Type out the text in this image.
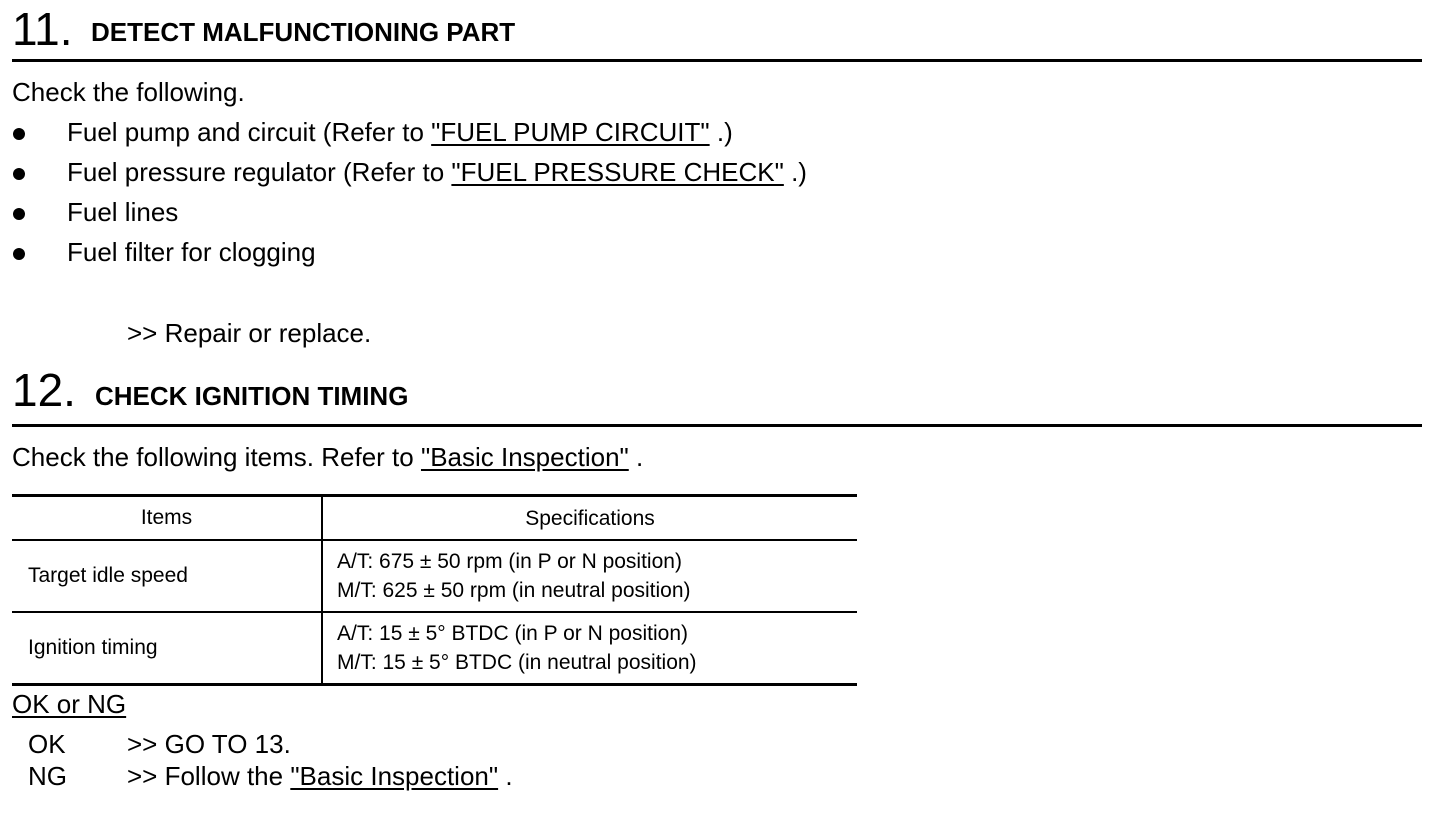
11. DETECT MALFUNCTIONING PART
Check the following.
Fuel pump and circuit (Refer to "FUEL PUMP CIRCUIT" .)
Fuel pressure regulator (Refer to "FUEL PRESSURE CHECK" .)
Fuel lines
Fuel filter for clogging
>> Repair or replace.
12. CHECK IGNITION TIMING
Check the following items. Refer to "Basic Inspection" .
Items	Specifications
Target idle speed	A/T: 675 ± 50 rpm (in P or N position)
M/T: 625 ± 50 rpm (in neutral position)

Ignition timing	A/T: 15 ± 5° BTDC (in P or N position)
M/T: 15 ± 5° BTDC (in neutral position)
OK or NG
OK >> GO TO 13.
NG >> Follow the "Basic Inspection" .
